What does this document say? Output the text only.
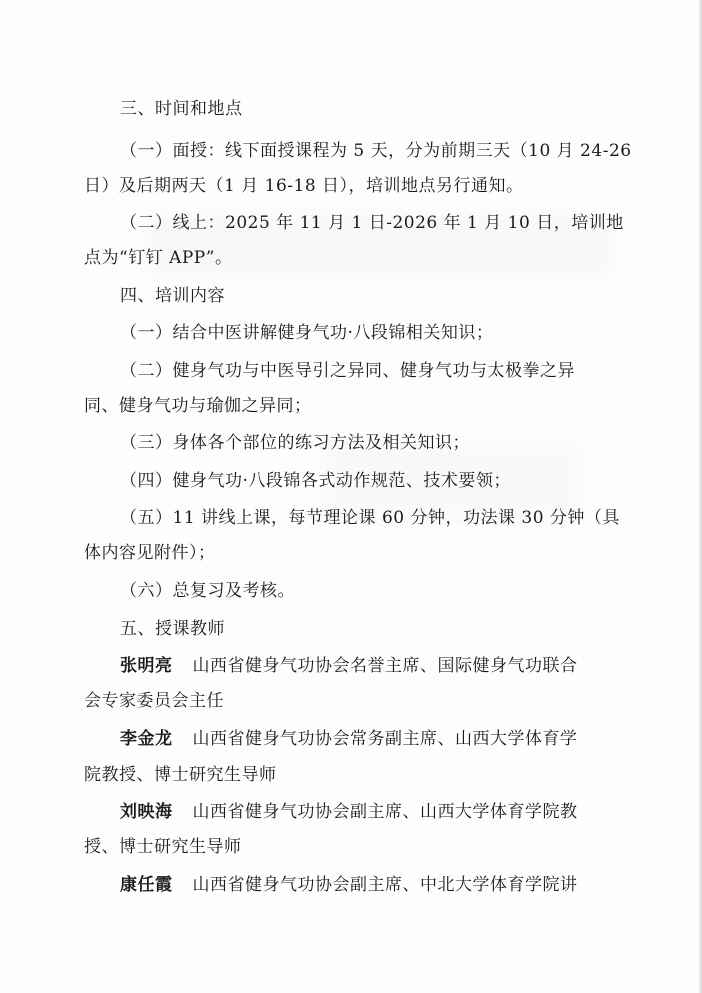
三、时间和地点
（一）面授：线下面授课程为 5 天，分为前期三天（10 月 24-26
日）及后期两天（1 月 16-18 日），培训地点另行通知。
（二）线上：2025 年 11 月 1 日-2026 年 1 月 10 日，培训地
点为“钉钉 APP”。
四、培训内容
（一）结合中医讲解健身气功·八段锦相关知识；
（二）健身气功与中医导引之异同、健身气功与太极拳之异
同、健身气功与瑜伽之异同；
（三）身体各个部位的练习方法及相关知识；
（四）健身气功·八段锦各式动作规范、技术要领；
（五）11 讲线上课，每节理论课 60 分钟，功法课 30 分钟（具
体内容见附件）；
（六）总复习及考核。
五、授课教师
张明亮 山西省健身气功协会名誉主席、国际健身气功联合
会专家委员会主任
李金龙 山西省健身气功协会常务副主席、山西大学体育学
院教授、博士研究生导师
刘映海 山西省健身气功协会副主席、山西大学体育学院教
授、博士研究生导师
康任霞 山西省健身气功协会副主席、中北大学体育学院讲
